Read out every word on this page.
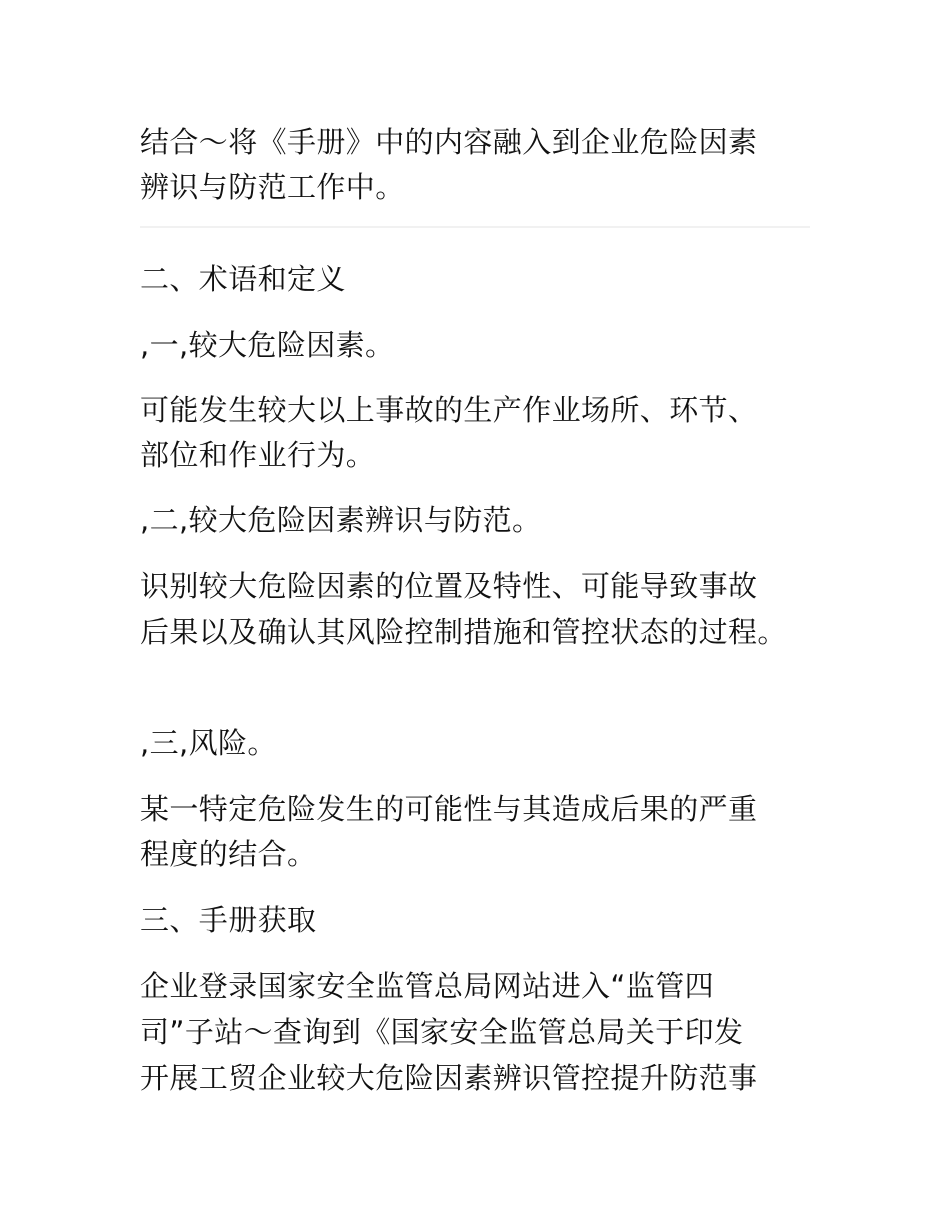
结合～将《手册》中的内容融入到企业危险因素
辨识与防范工作中。
二、术语和定义
,一,较大危险因素。
可能发生较大以上事故的生产作业场所、环节、
部位和作业行为。
,二,较大危险因素辨识与防范。
识别较大危险因素的位置及特性、可能导致事故
后果以及确认其风险控制措施和管控状态的过程。
,三,风险。
某一特定危险发生的可能性与其造成后果的严重
程度的结合。
三、手册获取
企业登录国家安全监管总局网站进入“监管四
司”子站～查询到《国家安全监管总局关于印发
开展工贸企业较大危险因素辨识管控提升防范事
